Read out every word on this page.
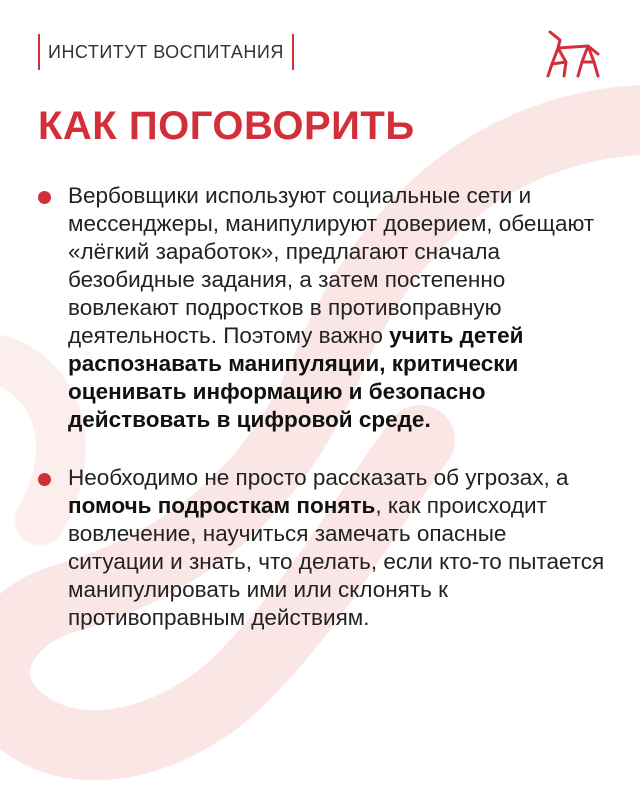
ИНСТИТУТ ВОСПИТАНИЯ
КАК ПОГОВОРИТЬ
Вербовщики используют социальные сети и мессенджеры, манипулируют доверием, обещают «лёгкий заработок», предлагают сначала безобидные задания, а затем постепенно вовлекают подростков в противоправную деятельность. Поэтому важно учить детей распознавать манипуляции, критически оценивать информацию и безопасно действовать в цифровой среде.
Необходимо не просто рассказать об угрозах, а помочь подросткам понять, как происходит вовлечение, научиться замечать опасные ситуации и знать, что делать, если кто-то пытается манипулировать ими или склонять к противоправным действиям.
